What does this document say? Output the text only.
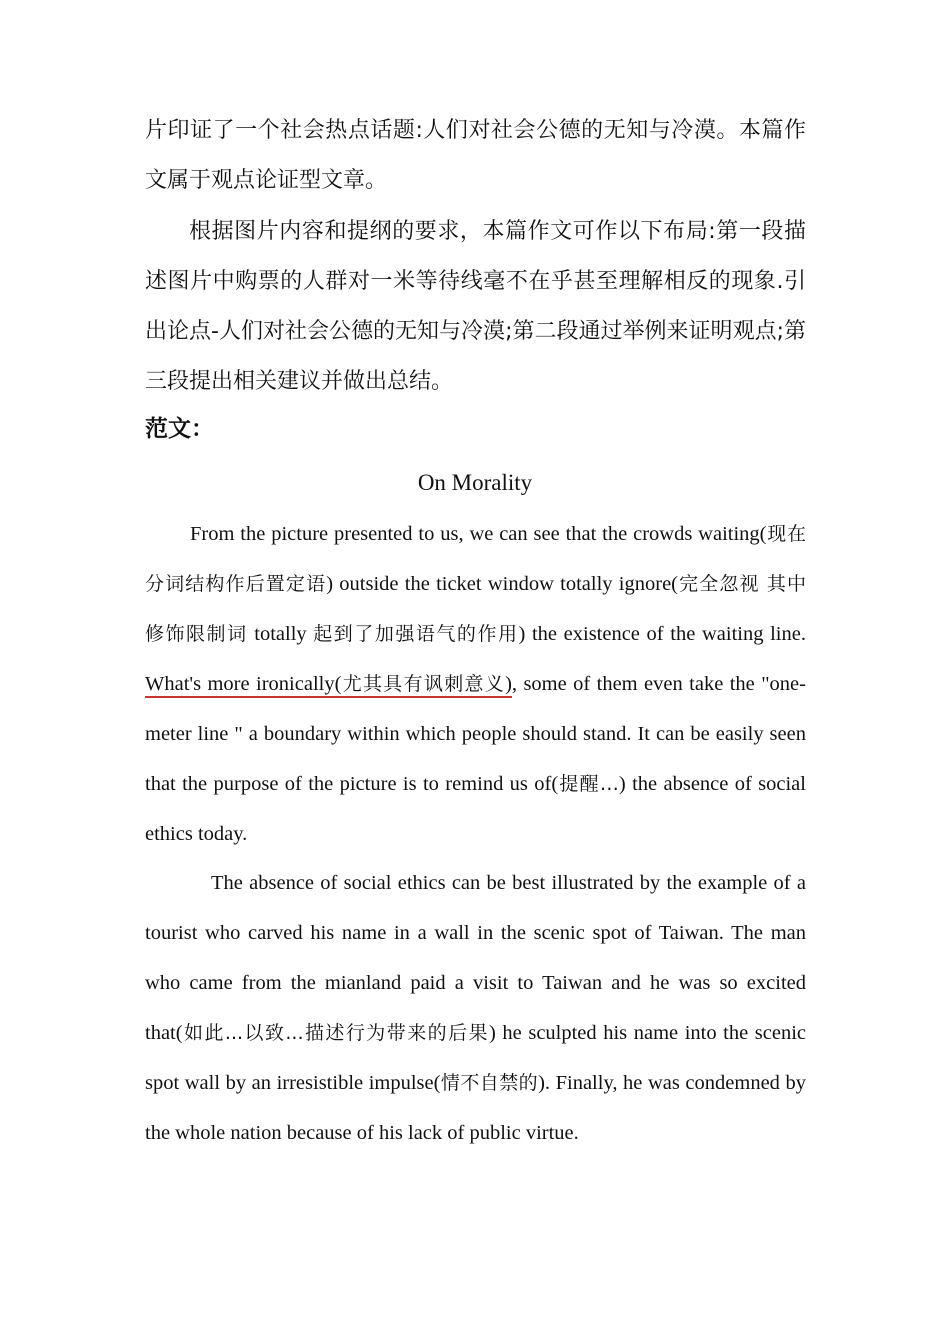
片印证了一个社会热点话题:人们对社会公德的无知与冷漠。本篇作文属于观点论证型文章。

根据图片内容和提纲的要求，本篇作文可作以下布局:第一段描述图片中购票的人群对一米等待线毫不在乎甚至理解相反的现象.引出论点-人们对社会公德的无知与冷漠;第二段通过举例来证明观点;第三段提出相关建议并做出总结。

范文：

On Morality

From the picture presented to us, we can see that the crowds waiting(现在分词结构作后置定语) outside the ticket window totally ignore(完全忽视 其中 修饰限制词 totally 起到了加强语气的作用) the existence of the waiting line. What's more ironically(尤其具有讽刺意义), some of them even take the "one-meter line " a boundary within which people should stand. It can be easily seen that the purpose of the picture is to remind us of(提醒…) the absence of social ethics today.

The absence of social ethics can be best illustrated by the example of a tourist who carved his name in a wall in the scenic spot of Taiwan. The man who came from the mianland paid a visit to Taiwan and he was so excited that(如此...以致...描述行为带来的后果) he sculpted his name into the scenic spot wall by an irresistible impulse(情不自禁的). Finally, he was condemned by the whole nation because of his lack of public virtue.
